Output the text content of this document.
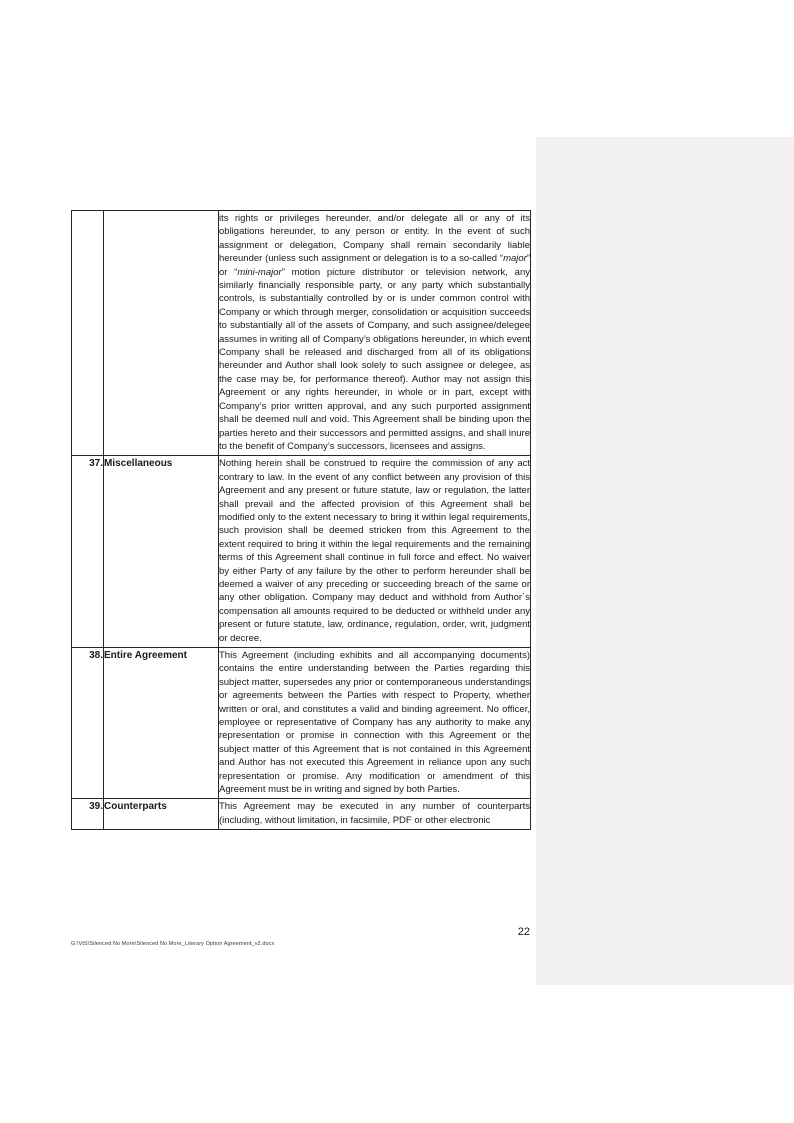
		its rights or privileges hereunder, and/or delegate all or any of its obligations hereunder, to any person or entity. In the event of such assignment or delegation, Company shall remain secondarily liable hereunder (unless such assignment or delegation is to a so-called “major” or “mini-major” motion picture distributor or television network, any similarly financially responsible party, or any party which substantially controls, is substantially controlled by or is under common control with Company or which through merger, consolidation or acquisition succeeds to substantially all of the assets of Company, and such assignee/delegee assumes in writing all of Company’s obligations hereunder, in which event Company shall be released and discharged from all of its obligations hereunder and Author shall look solely to such assignee or delegee, as the case may be, for performance thereof). Author may not assign this Agreement or any rights hereunder, in whole or in part, except with Company’s prior written approval, and any such purported assignment shall be deemed null and void. This Agreement shall be binding upon the parties hereto and their successors and permitted assigns, and shall inure to the benefit of Company’s successors, licensees and assigns.

37.	Miscellaneous	Nothing herein shall be construed to require the commission of any act contrary to law. In the event of any conflict between any provision of this Agreement and any present or future statute, law or regulation, the latter shall prevail and the affected provision of this Agreement shall be modified only to the extent necessary to bring it within legal requirements, such provision shall be deemed stricken from this Agreement to the extent required to bring it within the legal requirements and the remaining terms of this Agreement shall continue in full force and effect. No waiver by either Party of any failure by the other to perform hereunder shall be deemed a waiver of any preceding or succeeding breach of the same or any other obligation. Company may deduct and withhold from Author´s compensation all amounts required to be deducted or withheld under any present or future statute, law, ordinance, regulation, order, writ, judgment or decree.

38.	Entire Agreement	This Agreement (including exhibits and all accompanying documents) contains the entire understanding between the Parties regarding this subject matter, supersedes any prior or contemporaneous understandings or agreements between the Parties with respect to Property, whether written or oral, and constitutes a valid and binding agreement. No officer, employee or representative of Company has any authority to make any representation or promise in connection with this Agreement or the subject matter of this Agreement that is not contained in this Agreement and Author has not executed this Agreement in reliance upon any such representation or promise. Any modification or amendment of this Agreement must be in writing and signed by both Parties.

39.	Counterparts	This Agreement may be executed in any number of counterparts (including, without limitation, in facsimile, PDF or other electronic

22
G:\VtS\Silenced No More\Silenced No More_Literary Option Agreement_v2.docx
